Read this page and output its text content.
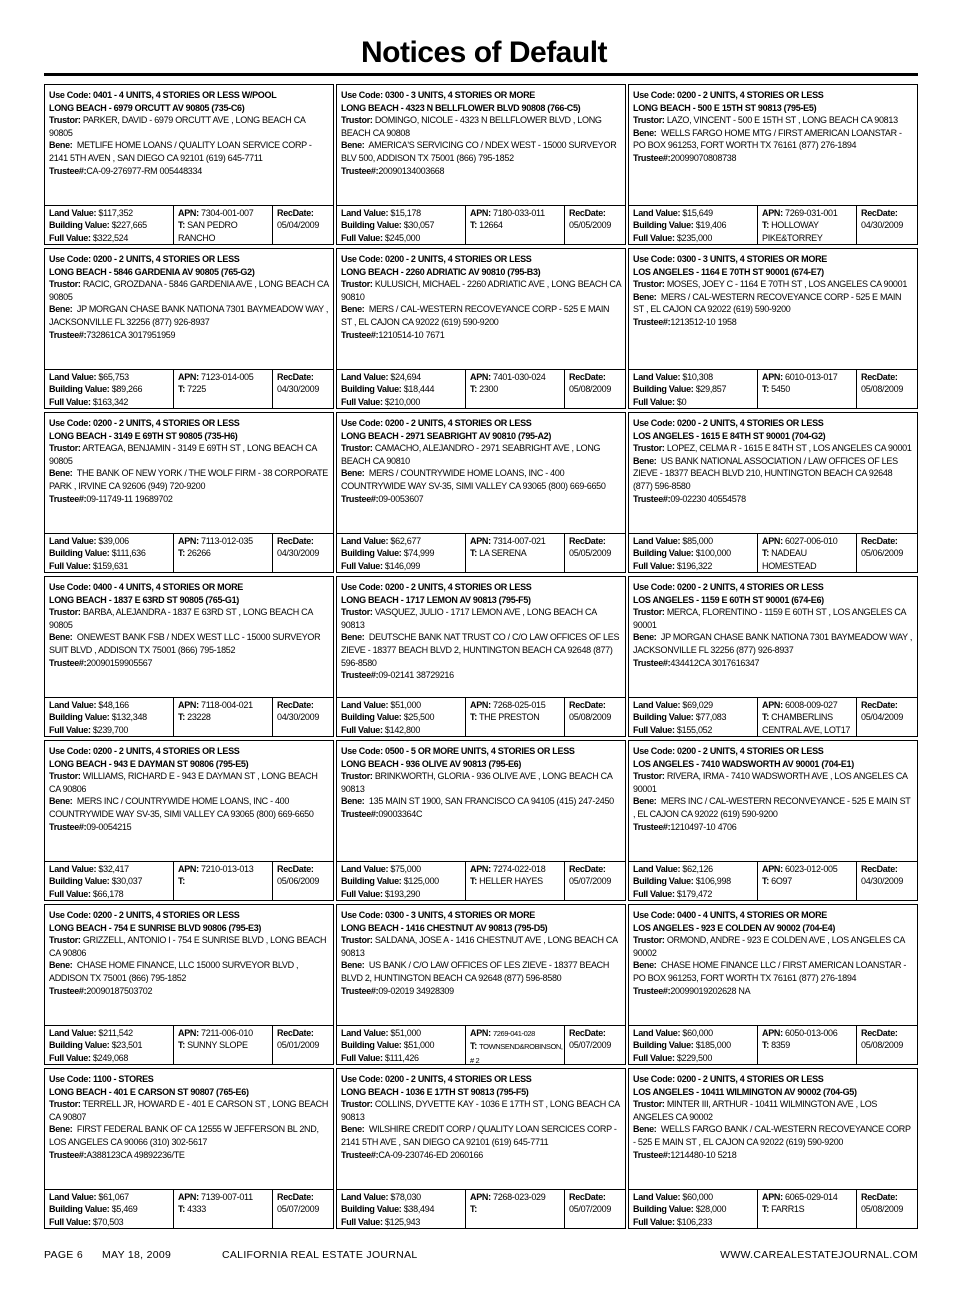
Notices of Default
Use Code: 0401 - 4 UNITS, 4 STORIES OR LESS W/POOL
LONG BEACH - 6979 ORCUTT AV 90805 (735-C6)
Trustor: PARKER, DAVID - 6979 ORCUTT AVE , LONG BEACH CA 90805
Bene: METLIFE HOME LOANS / QUALITY LOAN SERVICE CORP - 2141 5TH AVEN , SAN DIEGO CA 92101 (619) 645-7711
Trustee#:CA-09-276977-RM 005448334
Land Value: $117,352
Building Value: $227,665
Full Value: $322,524
APN: 7304-001-007
T: SAN PEDRO RANCHO
RecDate:
05/04/2009
Use Code: 0300 - 3 UNITS, 4 STORIES OR MORE
LONG BEACH - 4323 N BELLFLOWER BLVD 90808 (766-C5)
Trustor: DOMINGO, NICOLE - 4323 N BELLFLOWER BLVD , LONG BEACH CA 90808
Bene: AMERICA'S SERVICING CO / NDEX WEST - 15000 SURVEYOR BLV 500, ADDISON TX 75001 (866) 795-1852
Trustee#:20090134003668
Land Value: $15,178
Building Value: $30,057
Full Value: $245,000
APN: 7180-033-011
T: 12664
RecDate:
05/05/2009
Use Code: 0200 - 2 UNITS, 4 STORIES OR LESS
LONG BEACH - 500 E 15TH ST 90813 (795-E5)
Trustor: LAZO, VINCENT - 500 E 15TH ST , LONG BEACH CA 90813
Bene: WELLS FARGO HOME MTG / FIRST AMERICAN LOANSTAR - PO BOX 961253, FORT WORTH TX 76161 (877) 276-1894
Trustee#:20099070808738
Land Value: $15,649
Building Value: $19,406
Full Value: $235,000
APN: 7269-031-001
T: HOLLOWAY PIKE&TORREY
RecDate:
04/30/2009
Use Code: 0200 - 2 UNITS, 4 STORIES OR LESS
LONG BEACH - 5846 GARDENIA AV 90805 (765-G2)
Trustor: RACIC, GROZDANA - 5846 GARDENIA AVE , LONG BEACH CA 90805
Bene: JP MORGAN CHASE BANK NATIONA 7301 BAYMEADOW WAY , JACKSONVILLE FL 32256 (877) 926-8937
Trustee#:732861CA 3017951959
Land Value: $65,753
Building Value: $89,266
Full Value: $163,342
APN: 7123-014-005
T: 7225
RecDate:
04/30/2009
Use Code: 0200 - 2 UNITS, 4 STORIES OR LESS
LONG BEACH - 2260 ADRIATIC AV 90810 (795-B3)
Trustor: KULUSICH, MICHAEL - 2260 ADRIATIC AVE , LONG BEACH CA 90810
Bene: MERS / CAL-WESTERN RECOVEYANCE CORP - 525 E MAIN ST , EL CAJON CA 92022 (619) 590-9200
Trustee#:1210514-10 7671
Land Value: $24,694
Building Value: $18,444
Full Value: $210,000
APN: 7401-030-024
T: 2300
RecDate:
05/08/2009
Use Code: 0300 - 3 UNITS, 4 STORIES OR MORE
LOS ANGELES - 1164 E 70TH ST 90001 (674-E7)
Trustor: MOSES, JOEY C - 1164 E 70TH ST , LOS ANGELES CA 90001
Bene: MERS / CAL-WESTERN RECOVEYANCE CORP - 525 E MAIN ST , EL CAJON CA 92022 (619) 590-9200
Trustee#:1213512-10 1958
Land Value: $10,308
Building Value: $29,857
Full Value: $0
APN: 6010-013-017
T: 5450
RecDate:
05/08/2009
Use Code: 0200 - 2 UNITS, 4 STORIES OR LESS
LONG BEACH - 3149 E 69TH ST 90805 (735-H6)
Trustor: ARTEAGA, BENJAMIN - 3149 E 69TH ST , LONG BEACH CA 90805
Bene: THE BANK OF NEW YORK / THE WOLF FIRM - 38 CORPORATE PARK , IRVINE CA 92606 (949) 720-9200
Trustee#:09-11749-11 19689702
Land Value: $39,006
Building Value: $111,636
Full Value: $159,631
APN: 7113-012-035
T: 26266
RecDate:
04/30/2009
Use Code: 0200 - 2 UNITS, 4 STORIES OR LESS
LONG BEACH - 2971 SEABRIGHT AV 90810 (795-A2)
Trustor: CAMACHO, ALEJANDRO - 2971 SEABRIGHT AVE , LONG BEACH CA 90810
Bene: MERS / COUNTRYWIDE HOME LOANS, INC - 400 COUNTRYWIDE WAY SV-35, SIMI VALLEY CA 93065 (800) 669-6650
Trustee#:09-0053607
Land Value: $62,677
Building Value: $74,999
Full Value: $146,099
APN: 7314-007-021
T: LA SERENA
RecDate:
05/05/2009
Use Code: 0200 - 2 UNITS, 4 STORIES OR LESS
LOS ANGELES - 1615 E 84TH ST 90001 (704-G2)
Trustor: LOPEZ, CELMA R - 1615 E 84TH ST , LOS ANGELES CA 90001
Bene: US BANK NATIONAL ASSOCIATION / LAW OFFICES OF LES ZIEVE - 18377 BEACH BLVD 210, HUNTINGTON BEACH CA 92648 (877) 596-8580
Trustee#:09-02230 40554578
Land Value: $85,000
Building Value: $100,000
Full Value: $196,322
APN: 6027-006-010
T: NADEAU HOMESTEAD
RecDate:
05/06/2009
Use Code: 0400 - 4 UNITS, 4 STORIES OR MORE
LONG BEACH - 1837 E 63RD ST 90805 (765-G1)
Trustor: BARBA, ALEJANDRA - 1837 E 63RD ST , LONG BEACH CA 90805
Bene: ONEWEST BANK FSB / NDEX WEST LLC - 15000 SURVEYOR SUIT BLVD , ADDISON TX 75001 (866) 795-1852
Trustee#:20090159905567
Land Value: $48,166
Building Value: $132,348
Full Value: $239,700
APN: 7118-004-021
T: 23228
RecDate:
04/30/2009
Use Code: 0200 - 2 UNITS, 4 STORIES OR LESS
LONG BEACH - 1717 LEMON AV 90813 (795-F5)
Trustor: VASQUEZ, JULIO - 1717 LEMON AVE , LONG BEACH CA 90813
Bene: DEUTSCHE BANK NAT TRUST CO / C/O LAW OFFICES OF LES ZIEVE - 18377 BEACH BLVD 2, HUNTINGTON BEACH CA 92648 (877) 596-8580
Trustee#:09-02141 38729216
Land Value: $51,000
Building Value: $25,500
Full Value: $142,800
APN: 7268-025-015
T: THE PRESTON
RecDate:
05/08/2009
Use Code: 0200 - 2 UNITS, 4 STORIES OR LESS
LOS ANGELES - 1159 E 60TH ST 90001 (674-E6)
Trustor: MERCA, FLORENTINO - 1159 E 60TH ST , LOS ANGELES CA 90001
Bene: JP MORGAN CHASE BANK NATIONA 7301 BAYMEADOW WAY , JACKSONVILLE FL 32256 (877) 926-8937
Trustee#:434412CA 3017616347
Land Value: $69,029
Building Value: $77,083
Full Value: $155,052
APN: 6008-009-027
T: CHAMBERLINS CENTRAL AVE, LOT17
RecDate:
05/04/2009
Use Code: 0200 - 2 UNITS, 4 STORIES OR LESS
LONG BEACH - 943 E DAYMAN ST 90806 (795-E5)
Trustor: WILLIAMS, RICHARD E - 943 E DAYMAN ST , LONG BEACH CA 90806
Bene: MERS INC / COUNTRYWIDE HOME LOANS, INC - 400 COUNTRYWIDE WAY SV-35, SIMI VALLEY CA 93065 (800) 669-6650
Trustee#:09-0054215
Land Value: $32,417
Building Value: $30,037
Full Value: $66,178
APN: 7210-013-013
T:
RecDate:
05/06/2009
Use Code: 0500 - 5 OR MORE UNITS, 4 STORIES OR LESS
LONG BEACH - 936 OLIVE AV 90813 (795-E6)
Trustor: BRINKWORTH, GLORIA - 936 OLIVE AVE , LONG BEACH CA 90813
Bene: 135 MAIN ST 1900, SAN FRANCISCO CA 94105 (415) 247-2450
Trustee#:09003364C
Land Value: $75,000
Building Value: $125,000
Full Value: $193,290
APN: 7274-022-018
T: HELLER HAYES
RecDate:
05/07/2009
Use Code: 0200 - 2 UNITS, 4 STORIES OR LESS
LOS ANGELES - 7410 WADSWORTH AV 90001 (704-E1)
Trustor: RIVERA, IRMA - 7410 WADSWORTH AVE , LOS ANGELES CA 90001
Bene: MERS INC / CAL-WESTERN RECONVEYANCE - 525 E MAIN ST , EL CAJON CA 92022 (619) 590-9200
Trustee#:1210497-10 4706
Land Value: $62,126
Building Value: $106,998
Full Value: $179,472
APN: 6023-012-005
T: 6O97
RecDate:
04/30/2009
Use Code: 0200 - 2 UNITS, 4 STORIES OR LESS
LONG BEACH - 754 E SUNRISE BLVD 90806 (795-E3)
Trustor: GRIZZELL, ANTONIO I - 754 E SUNRISE BLVD , LONG BEACH CA 90806
Bene: CHASE HOME FINANCE, LLC 15000 SURVEYOR BLVD , ADDISON TX 75001 (866) 795-1852
Trustee#:20090187503702
Land Value: $211,542
Building Value: $23,501
Full Value: $249,068
APN: 7211-006-010
T: SUNNY SLOPE
RecDate:
05/01/2009
Use Code: 0300 - 3 UNITS, 4 STORIES OR MORE
LONG BEACH - 1416 CHESTNUT AV 90813 (795-D5)
Trustor: SALDANA, JOSE A - 1416 CHESTNUT AVE , LONG BEACH CA 90813
Bene: US BANK / C/O LAW OFFICES OF LES ZIEVE - 18377 BEACH BLVD 2, HUNTINGTON BEACH CA 92648 (877) 596-8580
Trustee#:09-02019 34928309
Land Value: $51,000
Building Value: $51,000
Full Value: $111,426
APN: 7269-041-028
T: TOWNSEND&ROBINSON, # 2
RecDate:
05/07/2009
Use Code: 0400 - 4 UNITS, 4 STORIES OR MORE
LOS ANGELES - 923 E COLDEN AV 90002 (704-E4)
Trustor: ORMOND, ANDRE - 923 E COLDEN AVE , LOS ANGELES CA 90002
Bene: CHASE HOME FINANCE LLC / FIRST AMERICAN LOANSTAR - PO BOX 961253, FORT WORTH TX 76161 (877) 276-1894
Trustee#:20099019202628 NA
Land Value: $60,000
Building Value: $185,000
Full Value: $229,500
APN: 6050-013-006
T: 8359
RecDate:
05/08/2009
Use Code: 1100 - STORES
LONG BEACH - 401 E CARSON ST 90807 (765-E6)
Trustor: TERRELL JR, HOWARD E - 401 E CARSON ST , LONG BEACH CA 90807
Bene: FIRST FEDERAL BANK OF CA 12555 W JEFFERSON BL 2ND, LOS ANGELES CA 90066 (310) 302-5617
Trustee#:A388123CA 49892236/TE
Land Value: $61,067
Building Value: $5,469
Full Value: $70,503
APN: 7139-007-011
T: 4333
RecDate:
05/07/2009
Use Code: 0200 - 2 UNITS, 4 STORIES OR LESS
LONG BEACH - 1036 E 17TH ST 90813 (795-F5)
Trustor: COLLINS, DYVETTE KAY - 1036 E 17TH ST , LONG BEACH CA 90813
Bene: WILSHIRE CREDIT CORP / QUALITY LOAN SERCICES CORP - 2141 5TH AVE , SAN DIEGO CA 92101 (619) 645-7711
Trustee#:CA-09-230746-ED 2060166
Land Value: $78,030
Building Value: $38,494
Full Value: $125,943
APN: 7268-023-029
T:
RecDate:
05/07/2009
Use Code: 0200 - 2 UNITS, 4 STORIES OR LESS
LOS ANGELES - 10411 WILMINGTON AV 90002 (704-G5)
Trustor: MINTER III, ARTHUR - 10411 WILMINGTON AVE , LOS ANGELES CA 90002
Bene: WELLS FARGO BANK / CAL-WESTERN RECOVEYANCE CORP - 525 E MAIN ST , EL CAJON CA 92022 (619) 590-9200
Trustee#:1214480-10 5218
Land Value: $60,000
Building Value: $28,000
Full Value: $106,233
APN: 6065-029-014
T: FARR1S
RecDate:
05/08/2009
PAGE 6 MAY 18, 2009	CALIFORNIA REAL ESTATE JOURNAL	WWW.CAREALESTATEJOURNAL.COM
